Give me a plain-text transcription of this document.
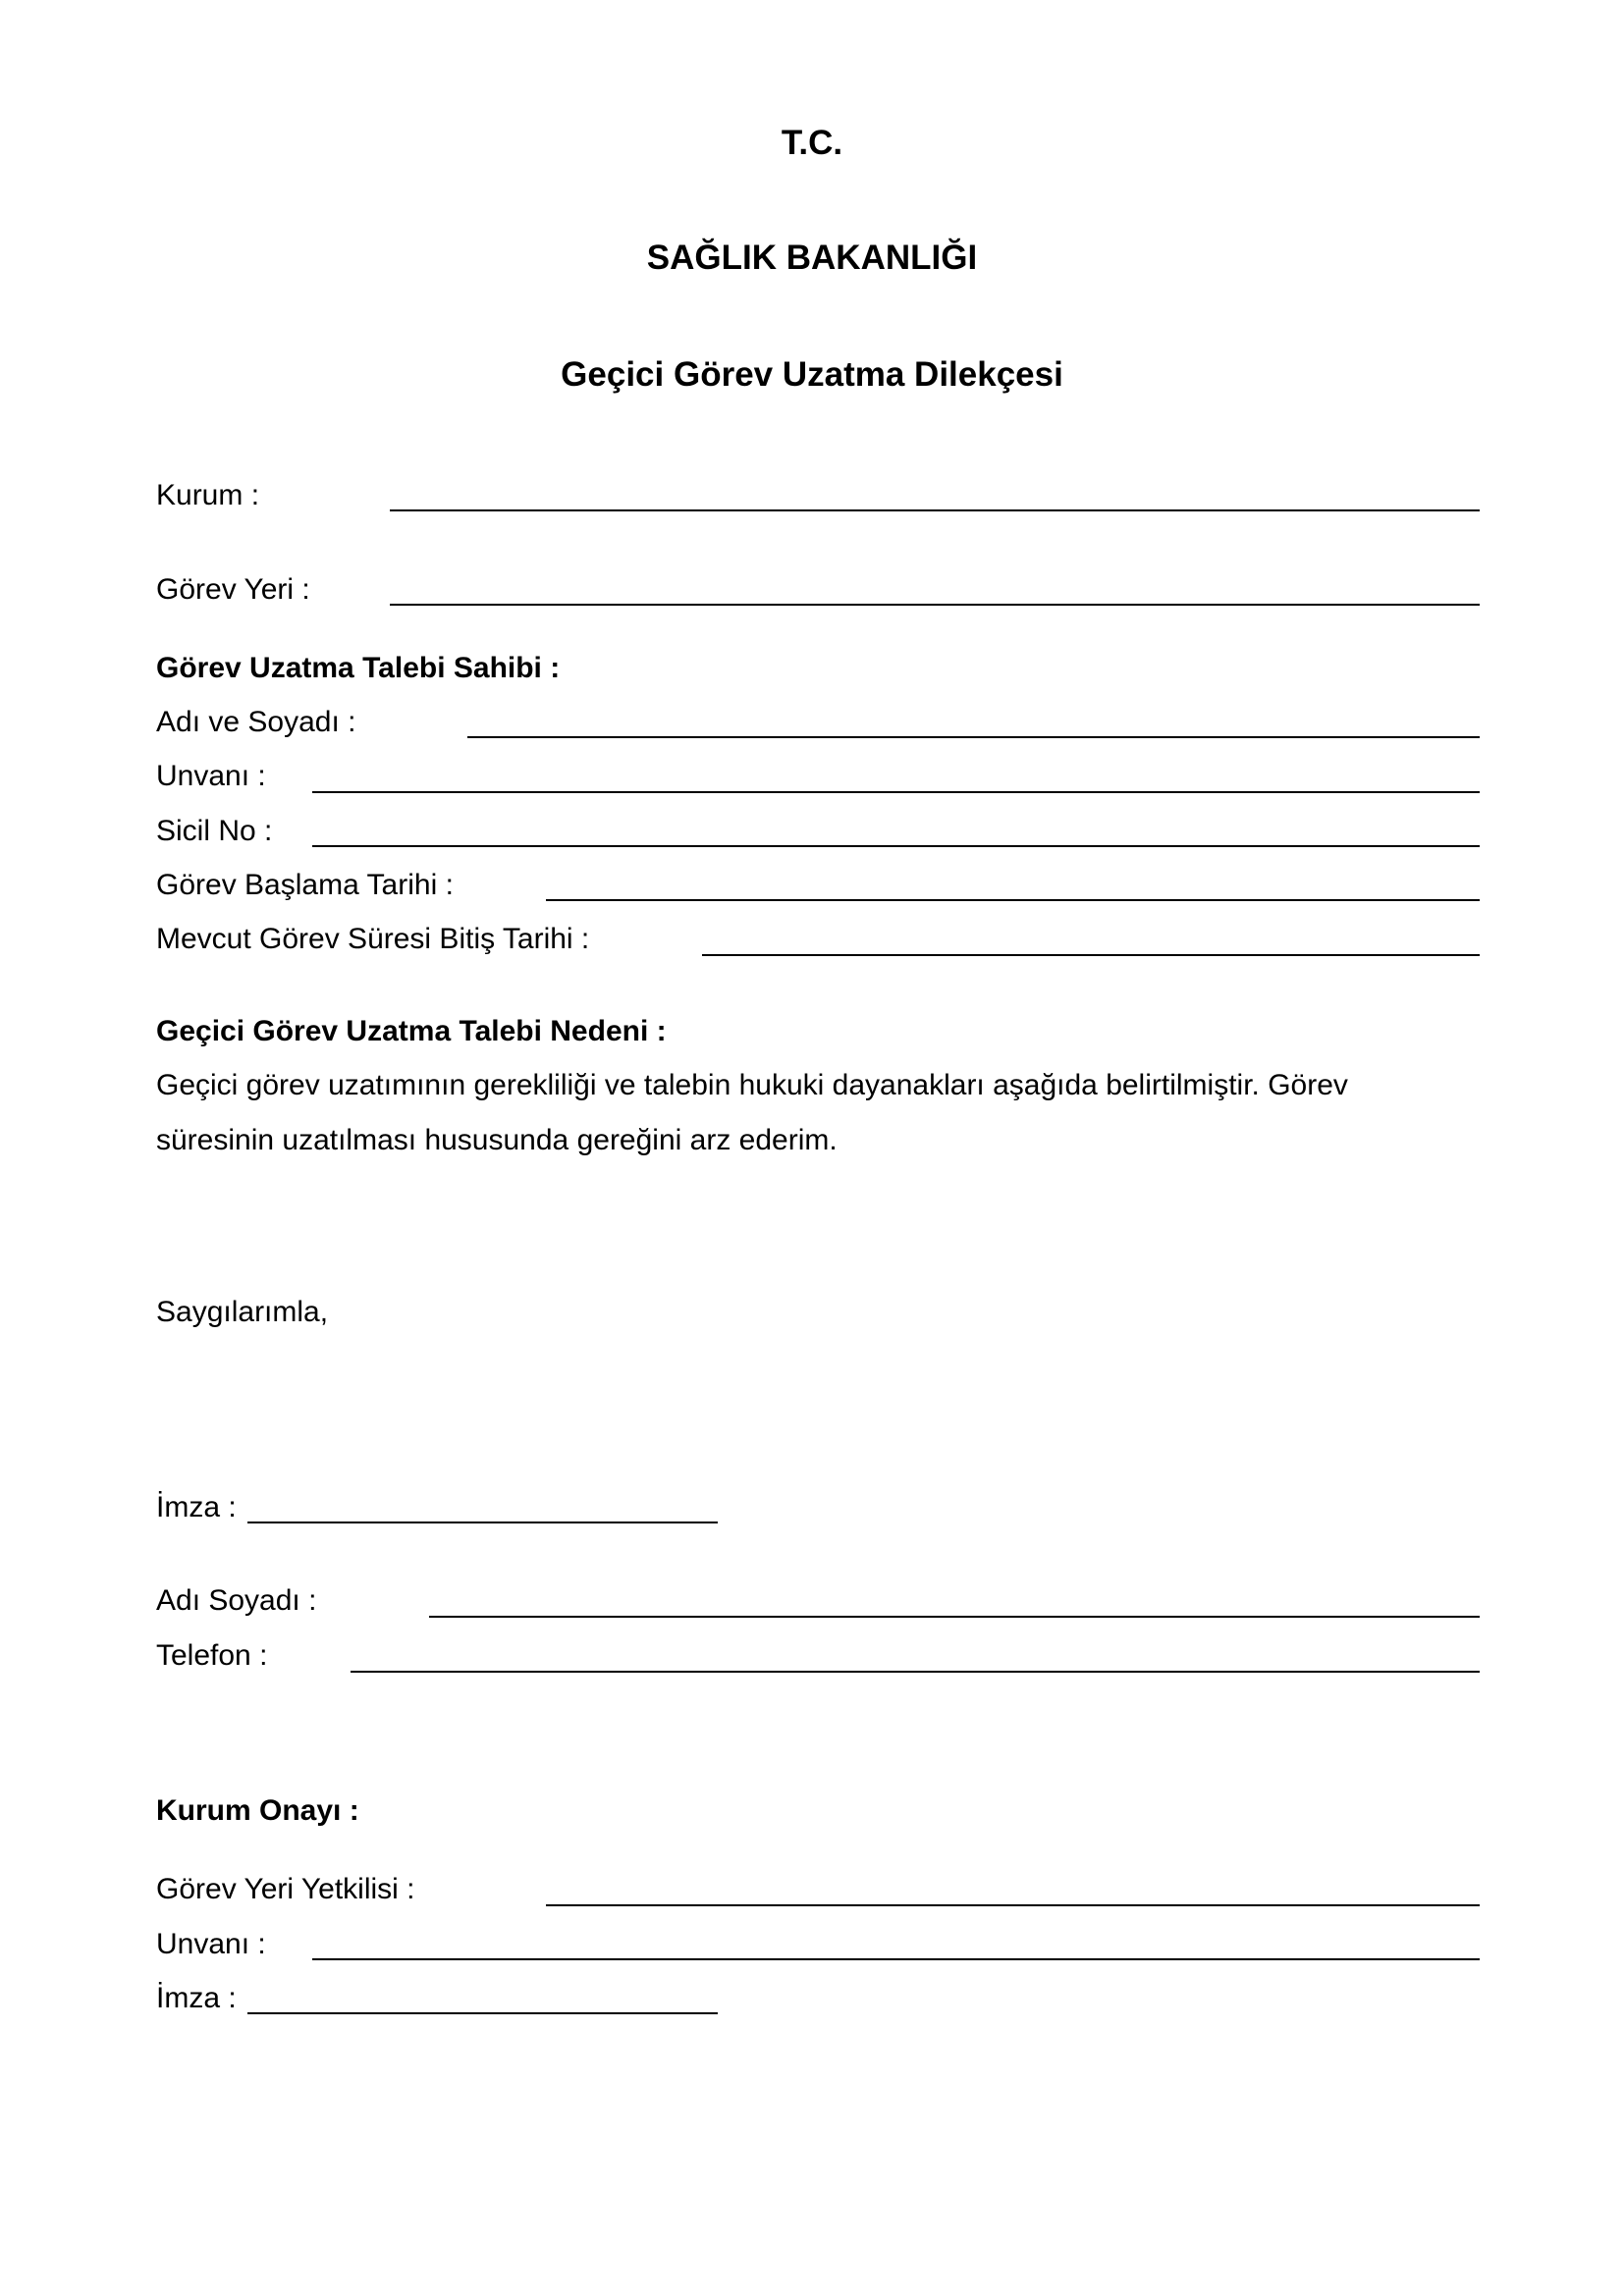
T.C.
SAĞLIK BAKANLIĞI
Geçici Görev Uzatma Dilekçesi
Kurum :
Görev Yeri :
Görev Uzatma Talebi Sahibi :
Adı ve Soyadı :
Unvanı :
Sicil No :
Görev Başlama Tarihi :
Mevcut Görev Süresi Bitiş Tarihi :
Geçici Görev Uzatma Talebi Nedeni :
Geçici görev uzatımının gerekliliği ve talebin hukuki dayanakları aşağıda belirtilmiştir. Görev
süresinin uzatılması hususunda gereğini arz ederim.
Saygılarımla,
İmza :
Adı Soyadı :
Telefon :
Kurum Onayı :
Görev Yeri Yetkilisi :
Unvanı :
İmza :
